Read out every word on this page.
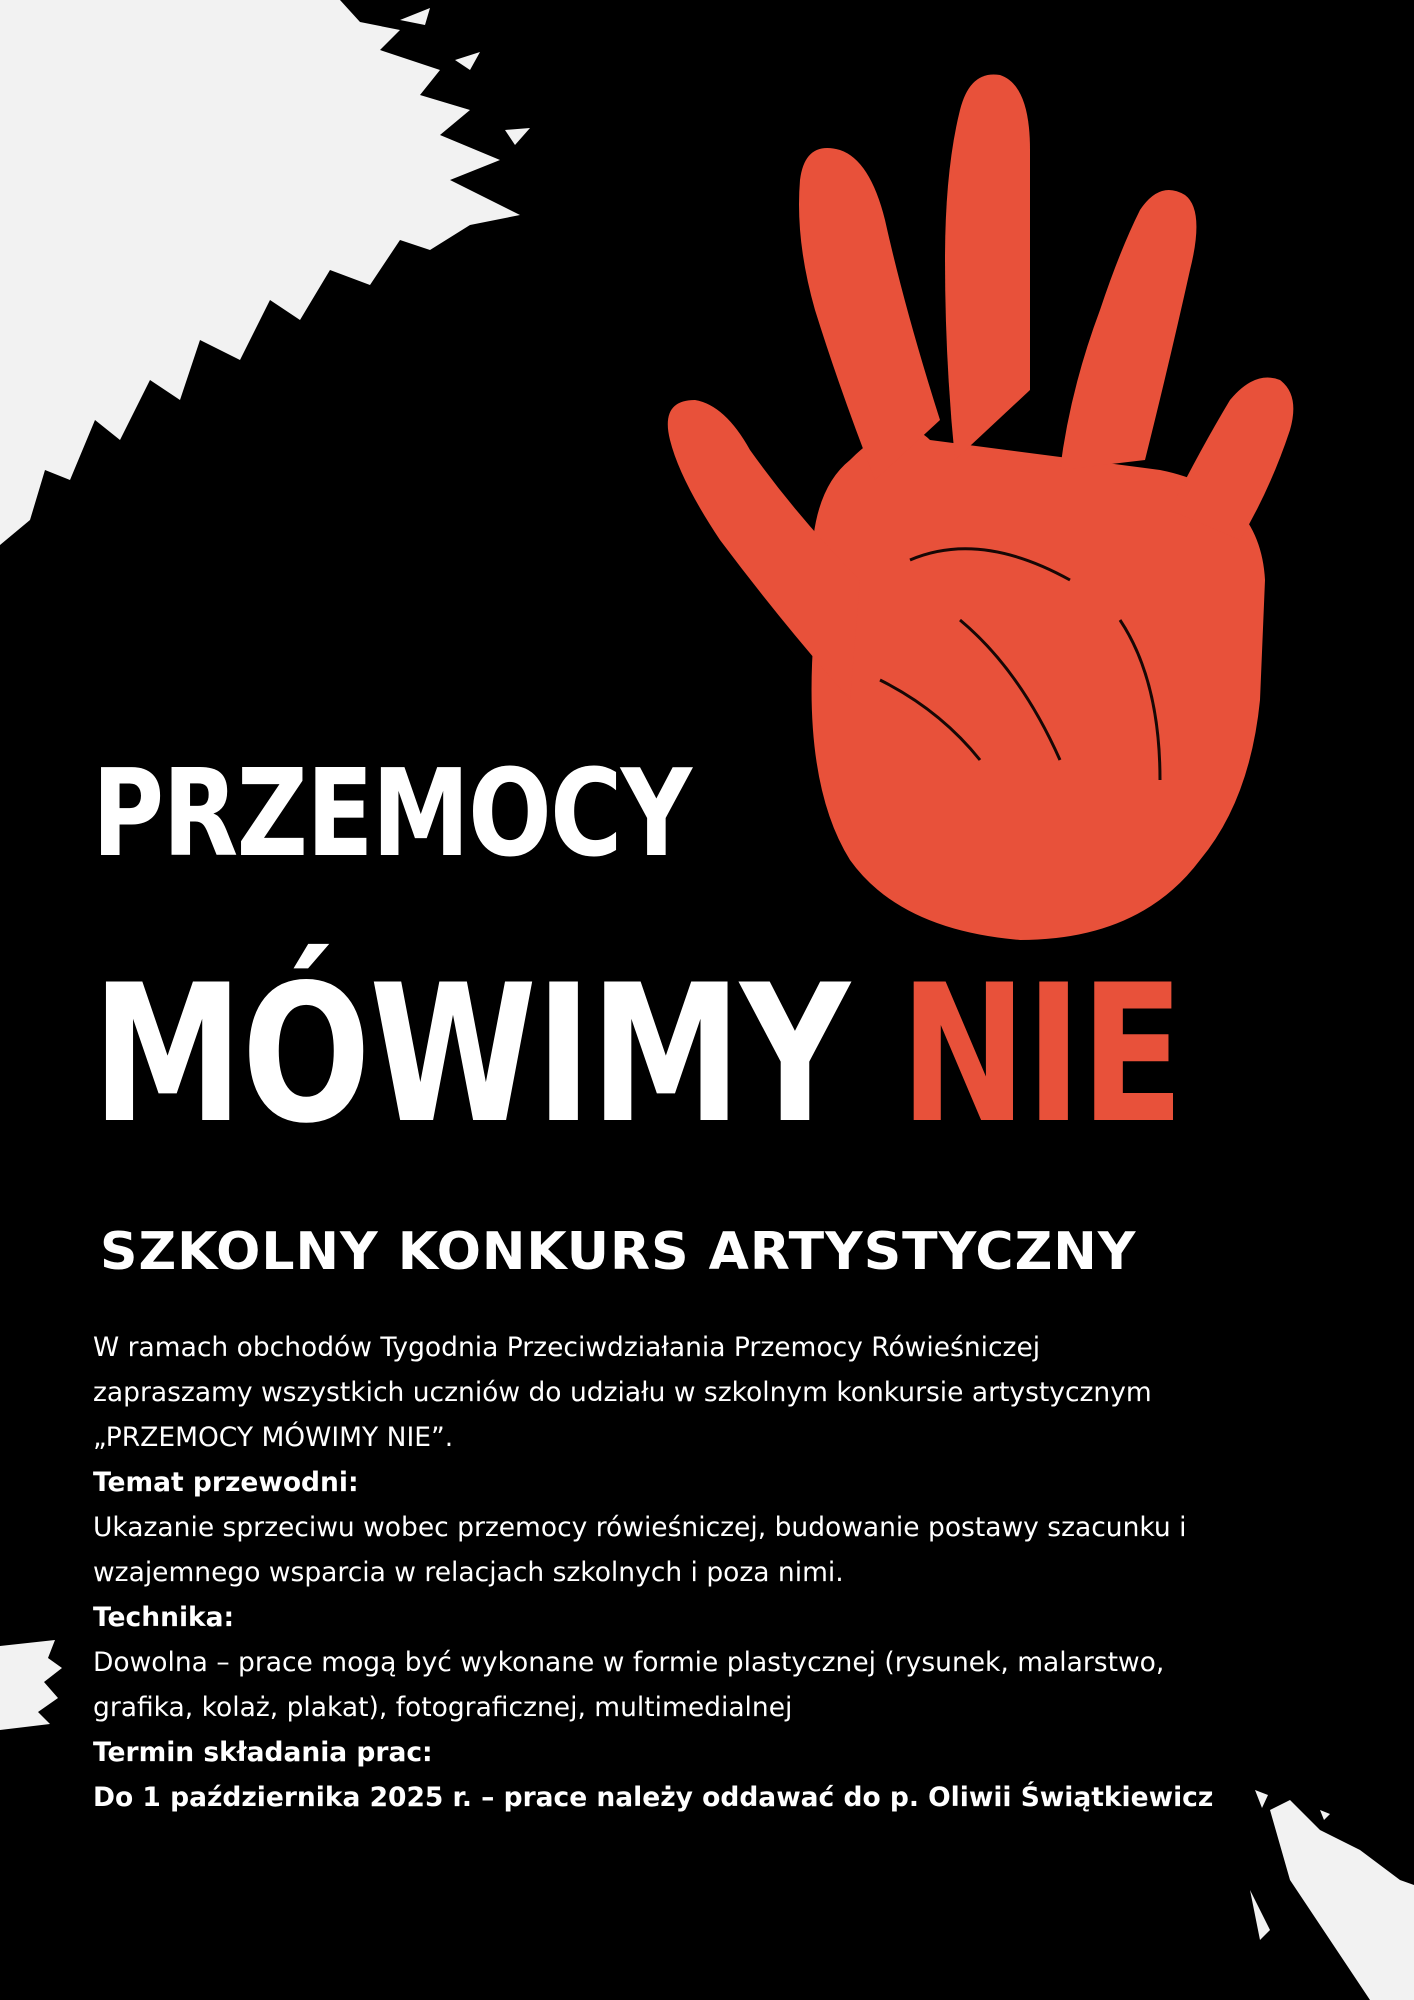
PRZEMOCY
MÓWIMY NIE
SZKOLNY KONKURS ARTYSTYCZNY

W ramach obchodów Tygodnia Przeciwdziałania Przemocy Rówieśniczej

zapraszamy wszystkich uczniów do udziału w szkolnym konkursie artystycznym

„PRZEMOCY MÓWIMY NIE”.

Temat przewodni:

Ukazanie sprzeciwu wobec przemocy rówieśniczej, budowanie postawy szacunku i

wzajemnego wsparcia w relacjach szkolnych i poza nimi.

Technika:

Dowolna – prace mogą być wykonane w formie plastycznej (rysunek, malarstwo,

grafika, kolaż, plakat), fotograficznej, multimedialnej

Termin składania prac:

Do 1 października 2025 r. – prace należy oddawać do p. Oliwii Świątkiewicz
